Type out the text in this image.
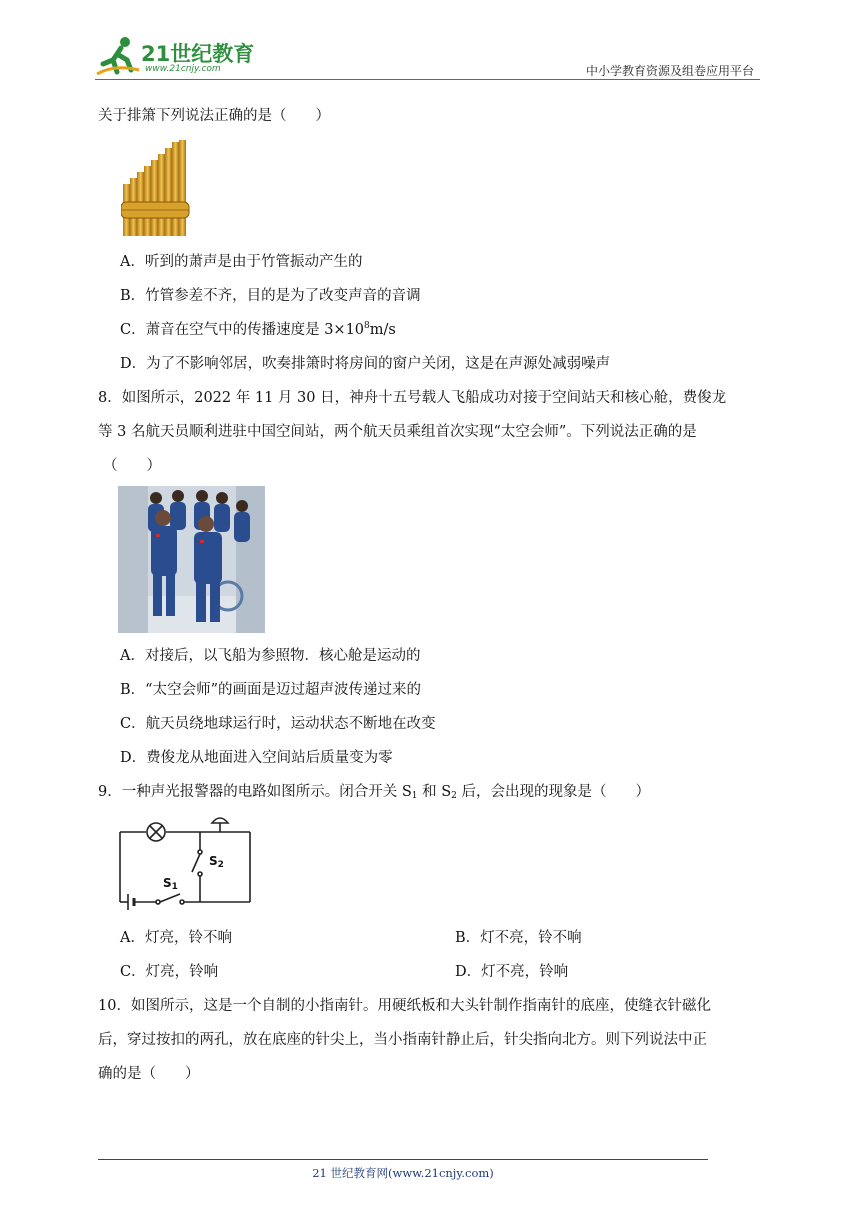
21世纪教育
www.21cnjy.com	中小学教育资源及组卷应用平台
关于排箫下列说法正确的是（　　）
A．听到的萧声是由于竹管振动产生的
B．竹管参差不齐，目的是为了改变声音的音调
C．萧音在空气中的传播速度是 $3\times 10^8m/s$
D．为了不影响邻居，吹奏排箫时将房间的窗户关闭，这是在声源处减弱噪声
8．如图所示，2022 年 11 月 30 日，神舟十五号载人飞船成功对接于空间站天和核心舱，费俊龙
等 3 名航天员顺利进驻中国空间站，两个航天员乘组首次实现“太空会师”。下列说法正确的是
（　　）
A．对接后，以飞船为参照物．核心舱是运动的
B．“太空会师”的画面是迈过超声波传递过来的
C．航天员绕地球运行时，运动状态不断地在改变
D．费俊龙从地面进入空间站后质量变为零
9．一种声光报警器的电路如图所示。闭合开关 $S_1$ 和 $S_2$ 后，会出现的现象是（　　）
$S_2$
$S_1$
A．灯亮，铃不响	B．灯不亮，铃不响
C．灯亮，铃响	D．灯不亮，铃响
10．如图所示，这是一个自制的小指南针。用硬纸板和大头针制作指南针的底座，使缝衣针磁化
后，穿过按扣的两孔，放在底座的针尖上，当小指南针静止后，针尖指向北方。则下列说法中正
确的是（　　）
21 世纪教育网(www.21cnjy.com)
